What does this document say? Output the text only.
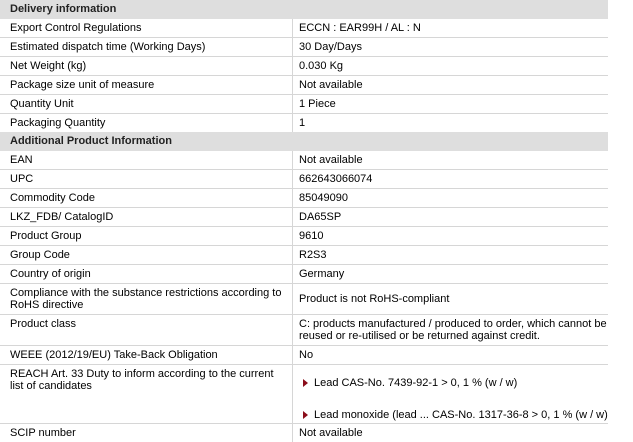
Delivery information
Export Control Regulations	ECCN : EAR99H / AL : N
Estimated dispatch time (Working Days)	30 Day/Days
Net Weight (kg)	0.030 Kg
Package size unit of measure	Not available
Quantity Unit	1 Piece
Packaging Quantity	1
Additional Product Information
EAN	Not available
UPC	662643066074
Commodity Code	85049090
LKZ_FDB/ CatalogID	DA65SP
Product Group	9610
Group Code	R2S3
Country of origin	Germany
Compliance with the substance restrictions according to RoHS directive	Product is not RoHS-compliant
Product class	C: products manufactured / produced to order, which cannot be reused or re-utilised or be returned against credit.
WEEE (2012/19/EU) Take-Back Obligation	No
REACH Art. 33 Duty to inform according to the current list of candidates	Lead CAS-No. 7439-92-1 > 0, 1 % (w / w)
Lead monoxide (lead ... CAS-No. 1317-36-8 > 0, 1 % (w / w)
SCIP number	Not available
